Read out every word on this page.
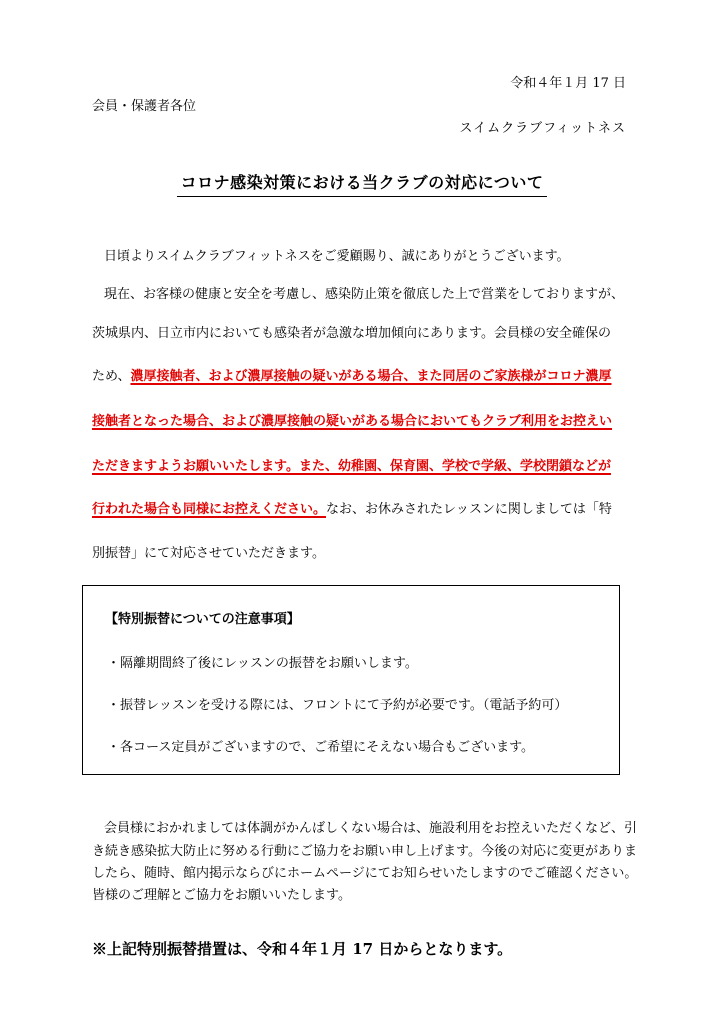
令和４年１月 17 日
会員・保護者各位
スイムクラブフィットネス
コロナ感染対策における当クラブの対応について
日頃よりスイムクラブフィットネスをご愛顧賜り、誠にありがとうございます。
現在、お客様の健康と安全を考慮し、感染防止策を徹底した上で営業をしておりますが、
茨城県内、日立市内においても感染者が急激な増加傾向にあります。会員様の安全確保の
ため、濃厚接触者、および濃厚接触の疑いがある場合、また同居のご家族様がコロナ濃厚
接触者となった場合、および濃厚接触の疑いがある場合においてもクラブ利用をお控えい
ただきますようお願いいたします。また、幼稚園、保育園、学校で学級、学校閉鎖などが
行われた場合も同様にお控えください。なお、お休みされたレッスンに関しましては「特
別振替」にて対応させていただきます。
【特別振替についての注意事項】
・隔離期間終了後にレッスンの振替をお願いします。
・振替レッスンを受ける際には、フロントにて予約が必要です。（電話予約可）
・各コース定員がございますので、ご希望にそえない場合もございます。
会員様におかれましては体調がかんばしくない場合は、施設利用をお控えいただくなど、引
き続き感染拡大防止に努める行動にご協力をお願い申し上げます。今後の対応に変更がありま
したら、随時、館内掲示ならびにホームページにてお知らせいたしますのでご確認ください。
皆様のご理解とご協力をお願いいたします。
※上記特別振替措置は、令和４年１月 17 日からとなります。
